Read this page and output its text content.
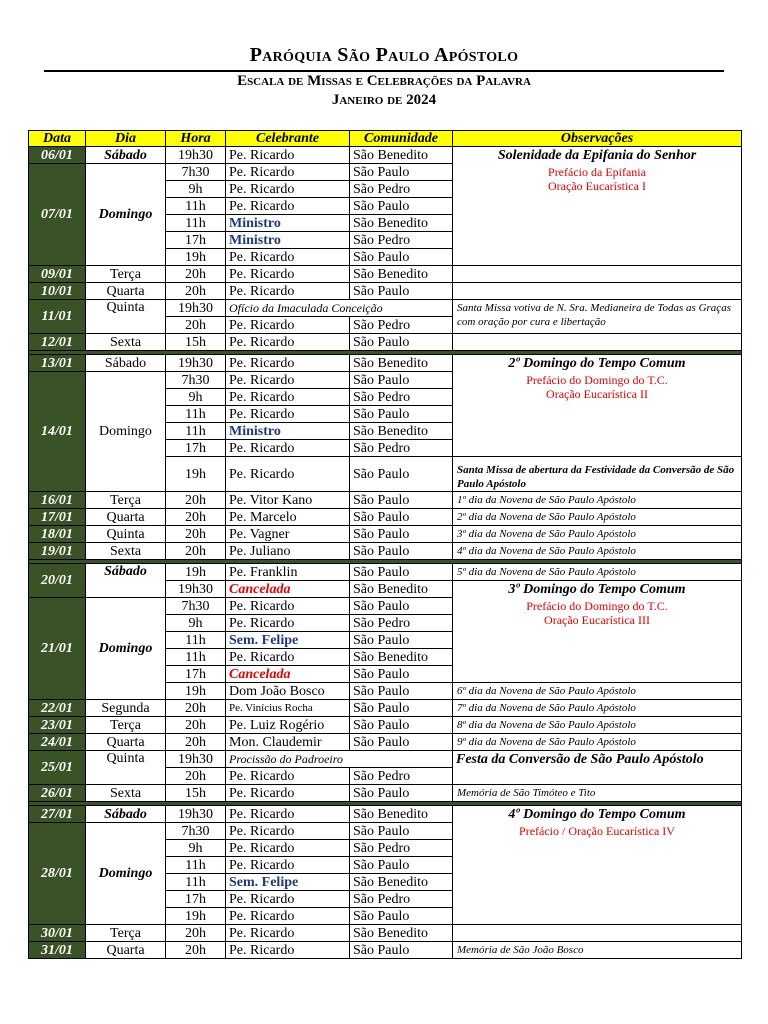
Paróquia São Paulo Apóstolo
Escala de Missas e Celebrações da Palavra
Janeiro de 2024
Data	Dia	Hora	Celebrante	Comunidade	Observações
06/01	Sábado	19h30	Pe. Ricardo	São Benedito	Solenidade da Epifania do Senhor
Prefácio da Epifania
Oração Eucarística I

07/01	Domingo	7h30	Pe. Ricardo	São Paulo	
		9h	Pe. Ricardo	São Pedro	
		11h	Pe. Ricardo	São Paulo	
		11h	Ministro	São Benedito	
		17h	Ministro	São Pedro	
		19h	Pe. Ricardo	São Paulo	
09/01	Terça	20h	Pe. Ricardo	São Benedito	
10/01	Quarta	20h	Pe. Ricardo	São Paulo	
11/01	Quinta	19h30	Ofício da Imaculada Conceição		Santa Missa votiva de N. Sra. Medianeira de Todas as Graças com oração por cura e libertação
		20h	Pe. Ricardo	São Pedro	
12/01	Sexta	15h	Pe. Ricardo	São Paulo	

13/01	Sábado	19h30	Pe. Ricardo	São Benedito	2º Domingo do Tempo Comum
Prefácio do Domingo do T.C.
Oração Eucarística II

14/01	Domingo	7h30	Pe. Ricardo	São Paulo	
		9h	Pe. Ricardo	São Pedro	
		11h	Pe. Ricardo	São Paulo	
		11h	Ministro	São Benedito	
		17h	Pe. Ricardo	São Pedro	
		19h	Pe. Ricardo	São Paulo	Santa Missa de abertura da Festividade da Conversão de São Paulo Apóstolo
16/01	Terça	20h	Pe. Vitor Kano	São Paulo	1º dia da Novena de São Paulo Apóstolo
17/01	Quarta	20h	Pe. Marcelo	São Paulo	2º dia da Novena de São Paulo Apóstolo
18/01	Quinta	20h	Pe. Vagner	São Paulo	3º dia da Novena de São Paulo Apóstolo
19/01	Sexta	20h	Pe. Juliano	São Paulo	4º dia da Novena de São Paulo Apóstolo

20/01	Sábado	19h	Pe. Franklin	São Paulo	5º dia da Novena de São Paulo Apóstolo
		19h30	Cancelada	São Benedito	3º Domingo do Tempo Comum
Prefácio do Domingo do T.C.
Oração Eucarística III

21/01	Domingo	7h30	Pe. Ricardo	São Paulo	
		9h	Pe. Ricardo	São Pedro	
		11h	Sem. Felipe	São Paulo	
		11h	Pe. Ricardo	São Benedito	
		17h	Cancelada	São Paulo	
		19h	Dom João Bosco	São Paulo	6º dia da Novena de São Paulo Apóstolo
22/01	Segunda	20h	Pe. Vinícius Rocha	São Paulo	7º dia da Novena de São Paulo Apóstolo
23/01	Terça	20h	Pe. Luiz Rogério	São Paulo	8º dia da Novena de São Paulo Apóstolo
24/01	Quarta	20h	Mon. Claudemir	São Paulo	9º dia da Novena de São Paulo Apóstolo
25/01	Quinta	19h30	Procissão do Padroeiro		Festa da Conversão de São Paulo Apóstolo

		20h	Pe. Ricardo	São Pedro	
26/01	Sexta	15h	Pe. Ricardo	São Paulo	Memória de São Timóteo e Tito

27/01	Sábado	19h30	Pe. Ricardo	São Benedito	4º Domingo do Tempo Comum
Prefácio / Oração Eucarística IV

28/01	Domingo	7h30	Pe. Ricardo	São Paulo	
		9h	Pe. Ricardo	São Pedro	
		11h	Pe. Ricardo	São Paulo	
		11h	Sem. Felipe	São Benedito	
		17h	Pe. Ricardo	São Pedro	
		19h	Pe. Ricardo	São Paulo	
30/01	Terça	20h	Pe. Ricardo	São Benedito	
31/01	Quarta	20h	Pe. Ricardo	São Paulo	Memória de São João Bosco
